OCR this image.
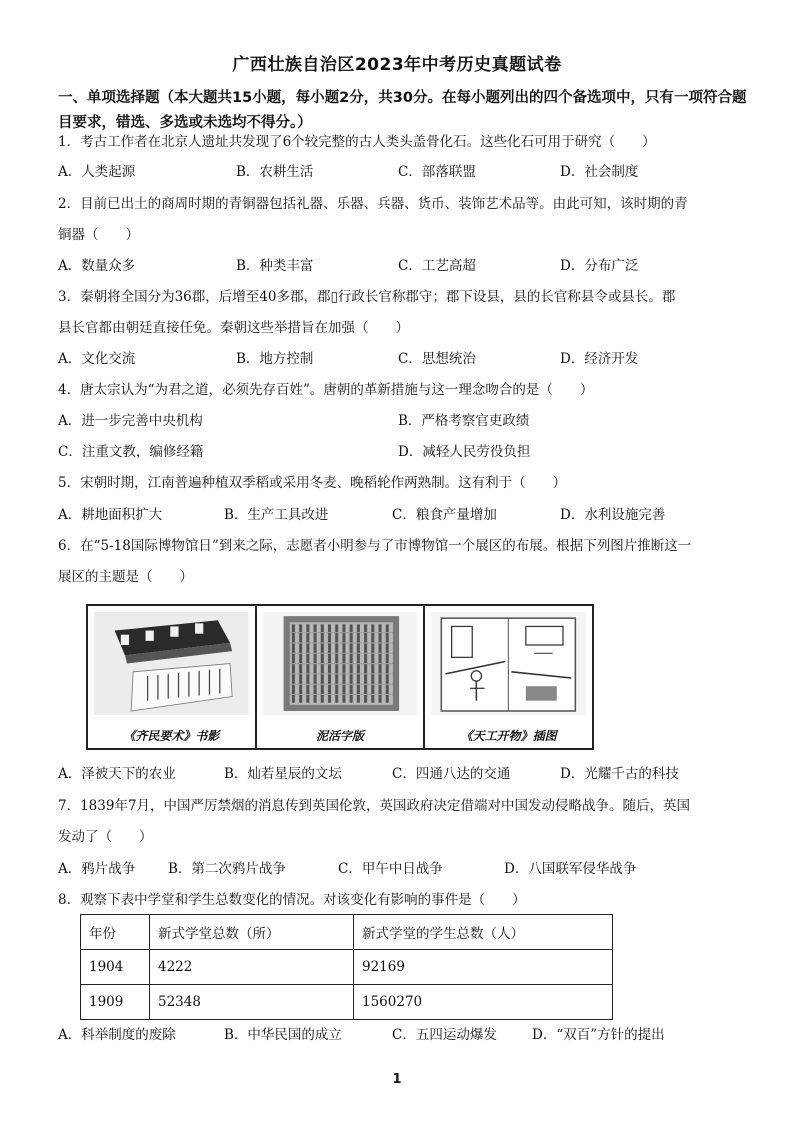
广西壮族自治区2023年中考历史真题试卷
一、单项选择题（本大题共15小题，每小题2分，共30分。在每小题列出的四个备选项中，只有一项符合题目要求，错选、多选或未选均不得分。）
1．考古工作者在北京人遗址共发现了6个较完整的古人类头盖骨化石。这些化石可用于研究（　　）
A．人类起源	B．农耕生活	C．部落联盟	D．社会制度
2．目前已出土的商周时期的青铜器包括礼器、乐器、兵器、货币、装饰艺术品等。由此可知，该时期的青
铜器（　　）
A．数量众多	B．种类丰富	C．工艺高超	D．分布广泛
3．秦朝将全国分为36郡，后增至40多郡，郡▯行政长官称郡守；郡下设县，县的长官称县令或县长。郡
县长官都由朝廷直接任免。秦朝这些举措旨在加强（　　）
A．文化交流	B．地方控制	C．思想统治	D．经济开发
4．唐太宗认为“为君之道，必须先存百姓”。唐朝的革新措施与这一理念吻合的是（　　）
A．进一步完善中央机构	B．严格考察官吏政绩
C．注重文教，编修经籍	D．减轻人民劳役负担
5．宋朝时期，江南普遍种植双季稻或采用冬麦、晚稻轮作两熟制。这有利于（　　）
A．耕地面积扩大	B．生产工具改进	C．粮食产量增加	D．水利设施完善
6．在“5-18国际博物馆日”到来之际，志愿者小明参与了市博物馆一个展区的布展。根据下列图片推断这一
展区的主题是（　　）
《齐民要术》书影	泥活字版	《天工开物》插图
A．泽被天下的农业	B．灿若星辰的文坛	C．四通八达的交通	D．光耀千古的科技
7．1839年7月，中国严厉禁烟的消息传到英国伦敦，英国政府决定借端对中国发动侵略战争。随后，英国
发动了（　　）
A．鸦片战争 B．第二次鸦片战争	C．甲午中日战争	D．八国联军侵华战争
8．观察下表中学堂和学生总数变化的情况。对该变化有影响的事件是（　　）
年份	新式学堂总数（所）	新式学堂的学生总数（人）
1904	4222	92169
1909	52348	1560270
A．科举制度的废除	B．中华民国的成立	C．五四运动爆发	D．“双百”方针的提出
1
